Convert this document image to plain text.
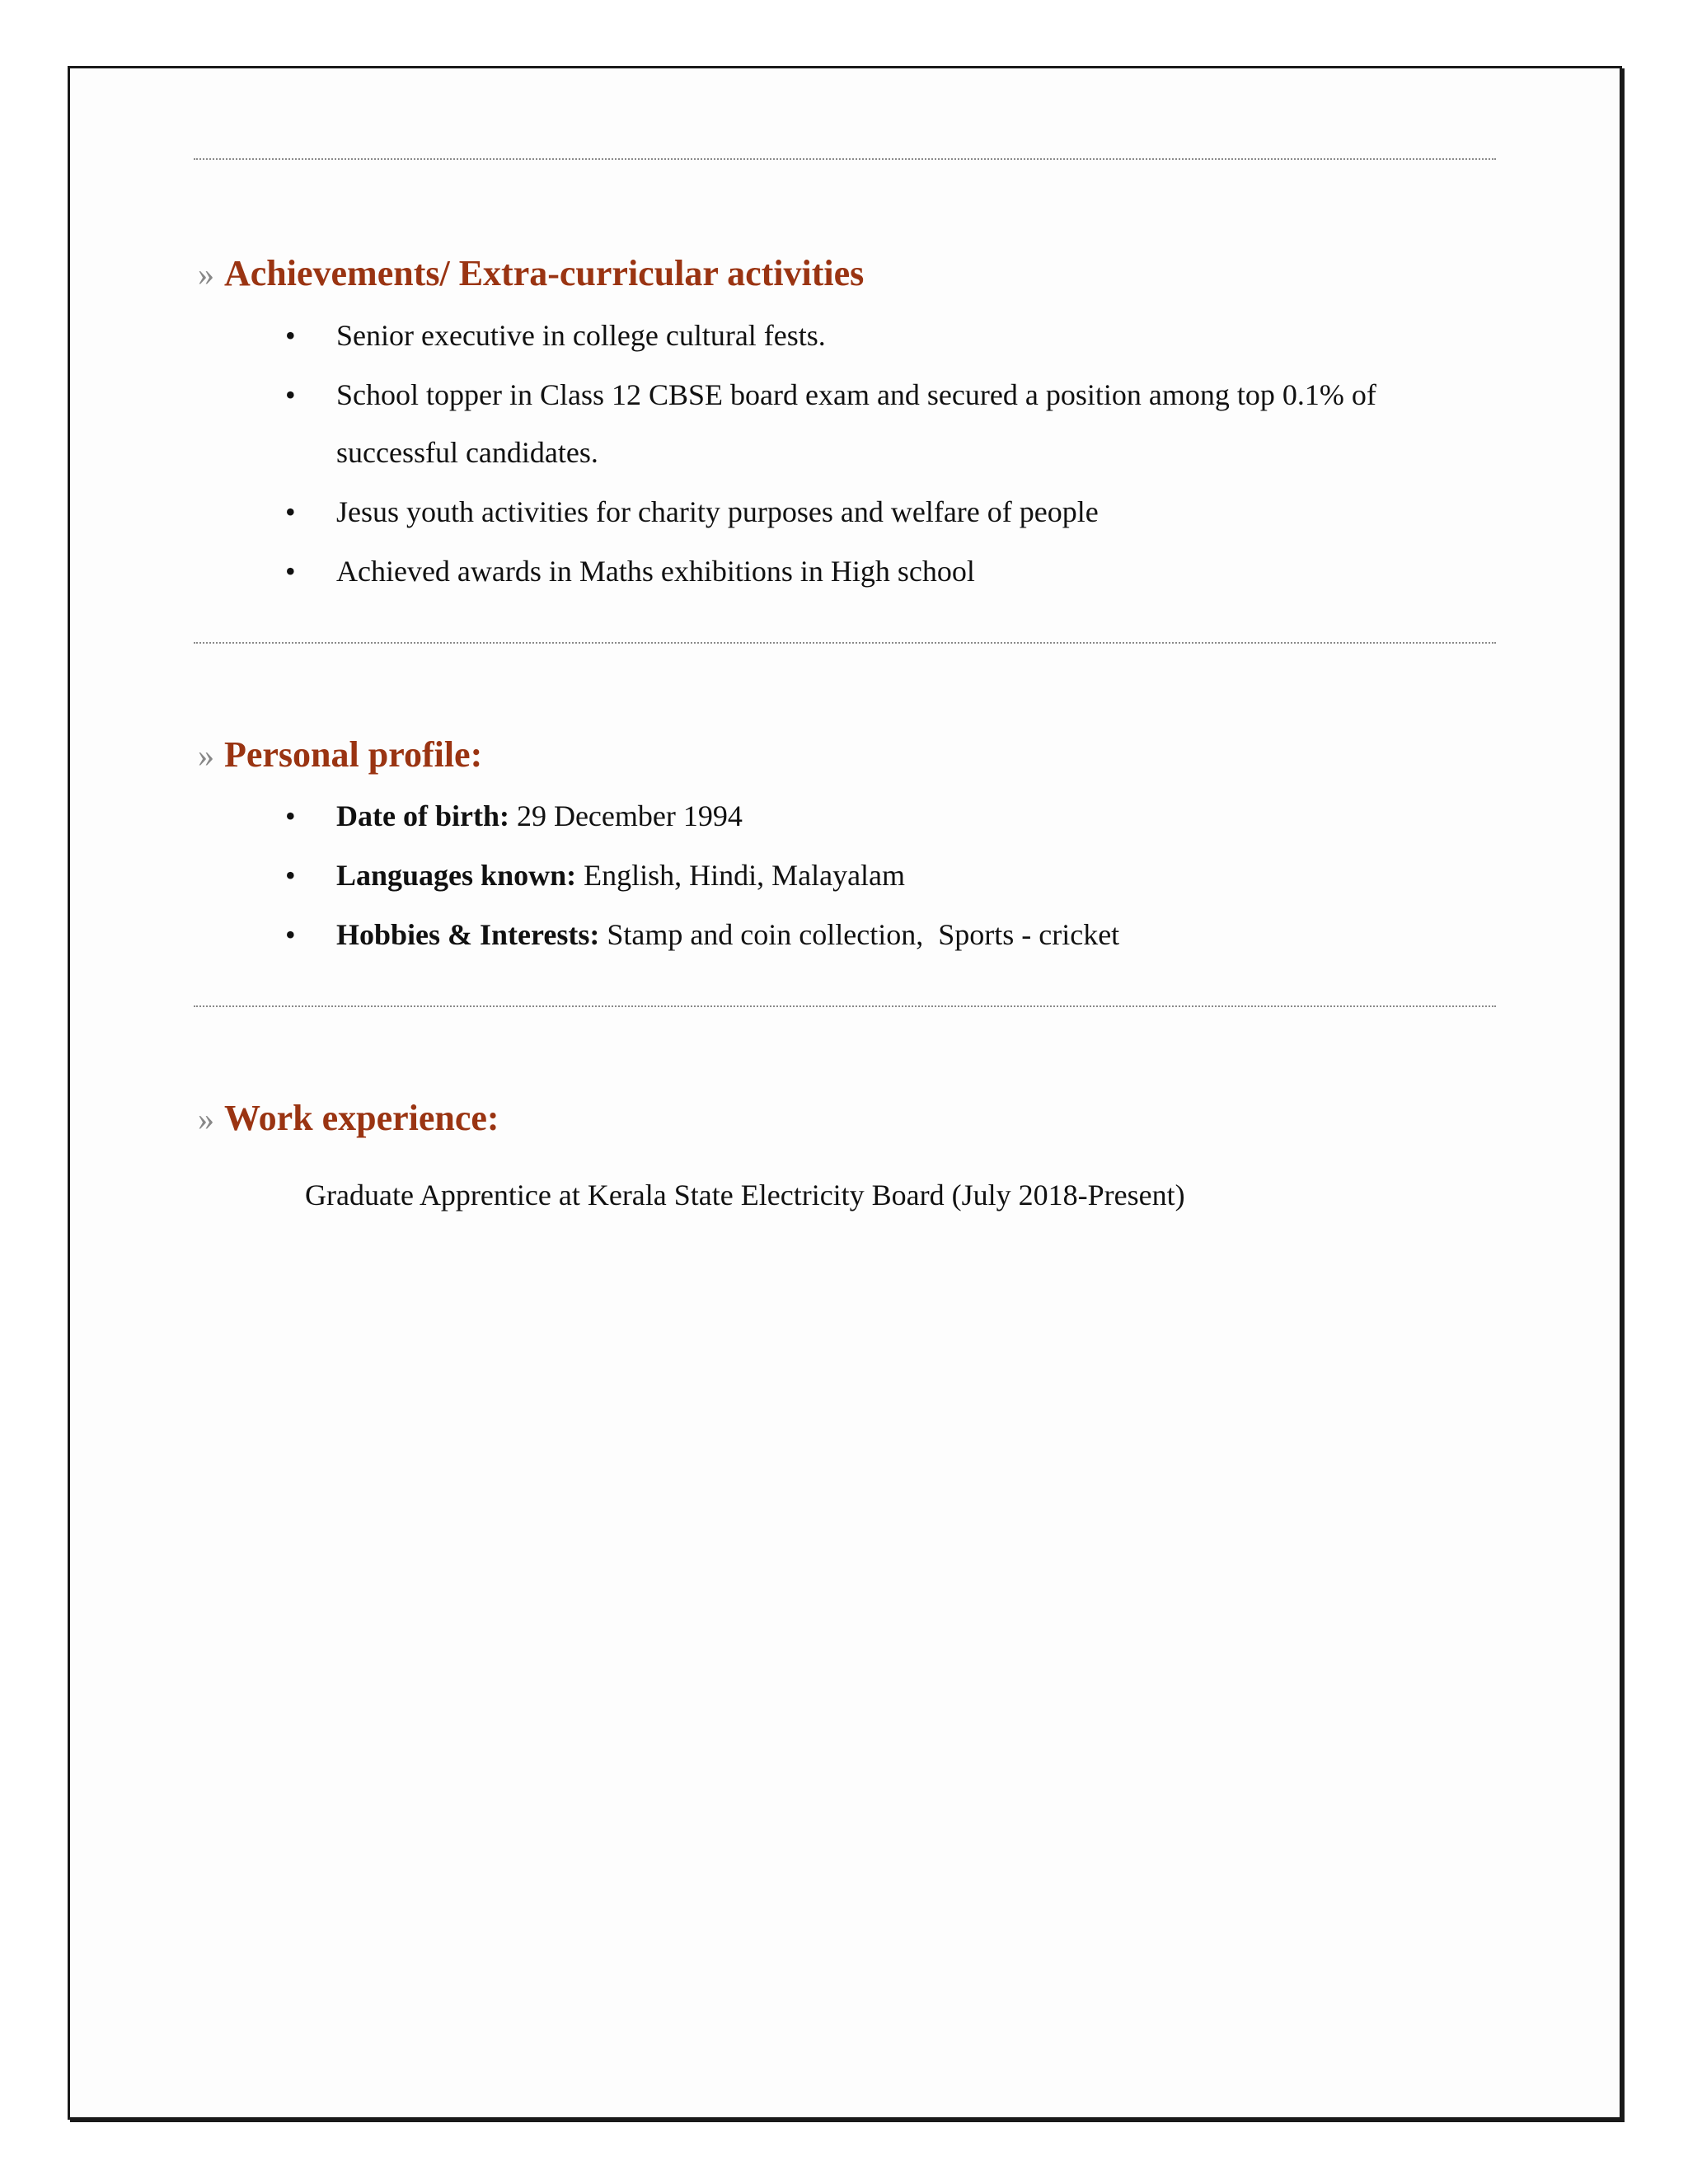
» Achievements/ Extra-curricular activities
• Senior executive in college cultural fests.
• School topper in Class 12 CBSE board exam and secured a position among top 0.1% of successful candidates.
• Jesus youth activities for charity purposes and welfare of people
• Achieved awards in Maths exhibitions in High school
» Personal profile:
• Date of birth: 29 December 1994
• Languages known: English, Hindi, Malayalam
• Hobbies & Interests: Stamp and coin collection,  Sports - cricket
» Work experience:
Graduate Apprentice at Kerala State Electricity Board (July 2018-Present)
